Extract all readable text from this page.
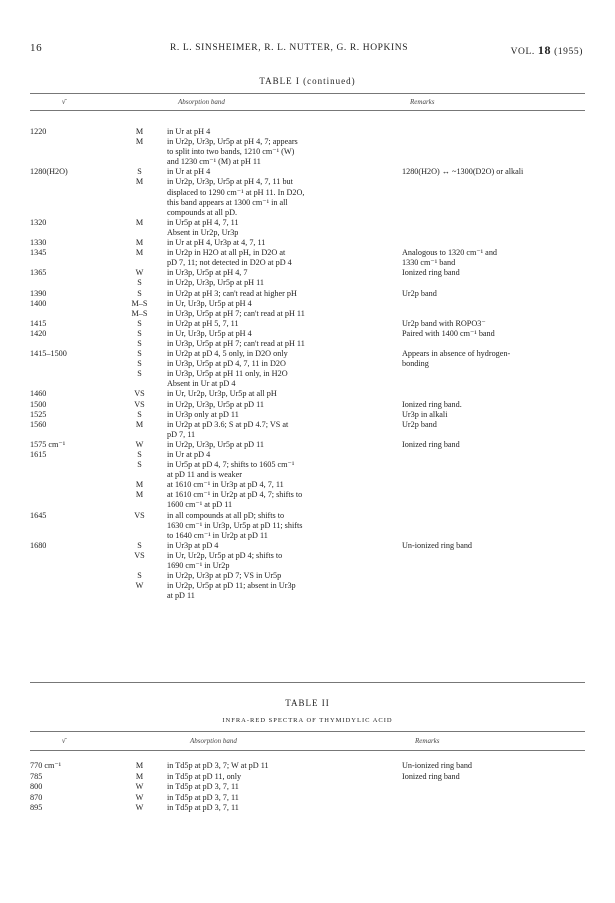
16	R. L. SINSHEIMER, R. L. NUTTER, G. R. HOPKINS	VOL. 18 (1955)
TABLE I (continued)
ν̄	Absorption band	Remarks
1220	M	in Ur at pH 4
M	in Ur2p, Ur3p, Ur5p at pH 4, 7; appears
to split into two bands, 1210 cm⁻¹ (W)
and 1230 cm⁻¹ (M) at pH 11
1280(H2O)	S	in Ur at pH 4	1280(H2O) ↔ ~1300(D2O) or alkali
M	in Ur2p, Ur3p, Ur5p at pH 4, 7, 11 but
displaced to 1290 cm⁻¹ at pH 11. In D2O,
this band appears at 1300 cm⁻¹ in all
compounds at all pD.
1320	M	in Ur5p at pH 4, 7, 11
Absent in Ur2p, Ur3p
1330	M	in Ur at pH 4, Ur3p at 4, 7, 11
1345	M	in Ur2p in H2O at all pH, in D2O at	Analogous to 1320 cm⁻¹ and
pD 7, 11; not detected in D2O at pD 4	1330 cm⁻¹ band
1365	W	in Ur3p, Ur5p at pH 4, 7	Ionized ring band
S	in Ur2p, Ur3p, Ur5p at pH 11
1390	S	in Ur2p at pH 3; can't read at higher pH	Ur2p band
1400	M–S	in Ur, Ur3p, Ur5p at pH 4
M–S	in Ur3p, Ur5p at pH 7; can't read at pH 11
1415	S	in Ur2p at pH 5, 7, 11	Ur2p band with ROPO3⁻
1420	S	in Ur, Ur3p, Ur5p at pH 4	Paired with 1400 cm⁻¹ band
S	in Ur3p, Ur5p at pH 7; can't read at pH 11
1415–1500	S	in Ur2p at pD 4, 5 only, in D2O only	Appears in absence of hydrogen-
S	in Ur3p, Ur5p at pD 4, 7, 11 in D2O	bonding
S	in Ur3p, Ur5p at pH 11 only, in H2O
Absent in Ur at pD 4
1460	VS	in Ur, Ur2p, Ur3p, Ur5p at all pH
1500	VS	in Ur2p, Ur3p, Ur5p at pD 11	Ionized ring band.
1525	S	in Ur3p only at pD 11	Ur3p in alkali
1560	M	in Ur2p at pD 3.6; S at pD 4.7; VS at	Ur2p band
pD 7, 11
1575 cm⁻¹	W	in Ur2p, Ur3p, Ur5p at pD 11	Ionized ring band
1615	S	in Ur at pD 4
S	in Ur5p at pD 4, 7; shifts to 1605 cm⁻¹
at pD 11 and is weaker
M	at 1610 cm⁻¹ in Ur3p at pD 4, 7, 11
M	at 1610 cm⁻¹ in Ur2p at pD 4, 7; shifts to
1600 cm⁻¹ at pD 11
1645	VS	in all compounds at all pD; shifts to
1630 cm⁻¹ in Ur3p, Ur5p at pD 11; shifts
to 1640 cm⁻¹ in Ur2p at pD 11
1680	S	in Ur3p at pD 4	Un-ionized ring band
VS	in Ur, Ur2p, Ur5p at pD 4; shifts to
1690 cm⁻¹ in Ur2p
S	in Ur2p, Ur3p at pD 7; VS in Ur5p
W	in Ur2p, Ur5p at pD 11; absent in Ur3p
at pD 11
TABLE II
INFRA-RED SPECTRA OF THYMIDYLIC ACID
ν̄	Absorption band	Remarks
770 cm⁻¹	M	in Td5p at pD 3, 7; W at pD 11	Un-ionized ring band
785	M	in Td5p at pD 11, only	Ionized ring band
800	W	in Td5p at pD 3, 7, 11
870	W	in Td5p at pD 3, 7, 11
895	W	in Td5p at pD 3, 7, 11
